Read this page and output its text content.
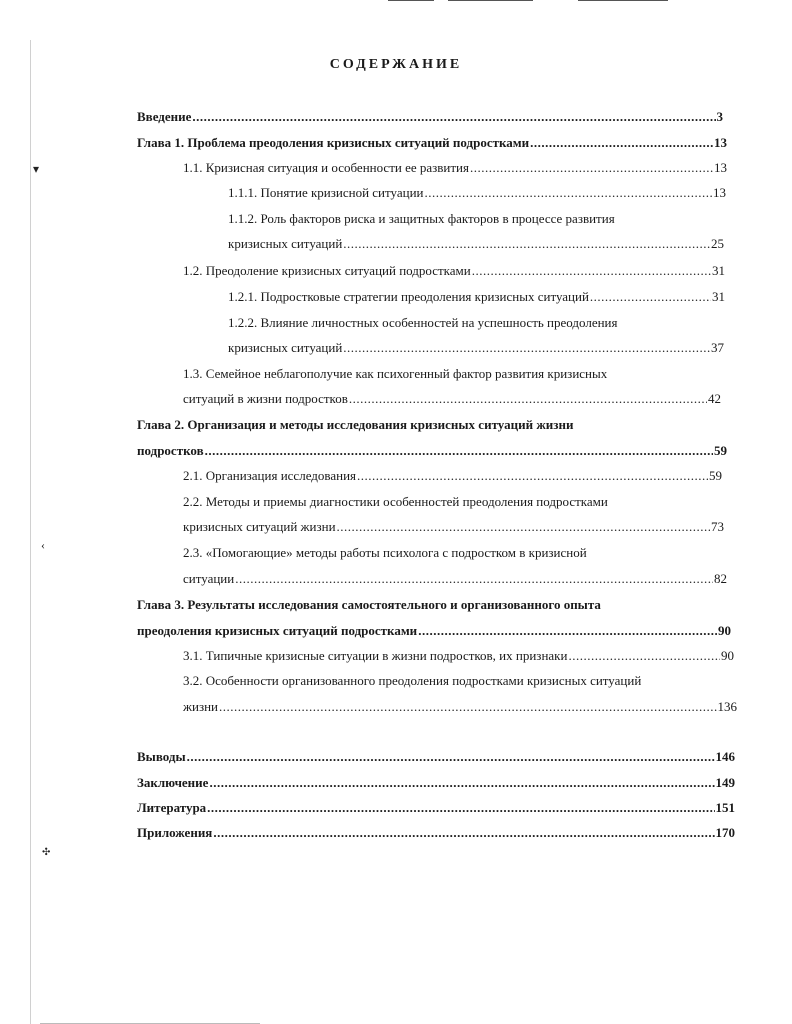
▾
‹
✣
СОДЕРЖАНИЕ
Введение .....	3
Глава 1. Проблема преодоления кризисных ситуаций подростками .....	13
1.1. Кризисная ситуация и особенности ее развития .....	13
1.1.1. Понятие кризисной ситуации .....	13
1.1.2. Роль факторов риска и защитных факторов в процессе развития
кризисных ситуаций .....	25
1.2. Преодоление кризисных ситуаций подростками .....	31
1.2.1. Подростковые стратегии преодоления кризисных ситуаций .....	31
1.2.2. Влияние личностных особенностей на успешность преодоления
кризисных ситуаций .....	37
1.3. Семейное неблагополучие как психогенный фактор развития кризисных
ситуаций в жизни подростков .....	42
Глава 2. Организация и методы исследования кризисных ситуаций жизни
подростков .....	59
2.1. Организация исследования .....	59
2.2. Методы и приемы диагностики особенностей преодоления подростками
кризисных ситуаций жизни .....	73
2.3. «Помогающие» методы работы психолога с подростком в кризисной
ситуации .....	82
Глава 3. Результаты исследования самостоятельного и организованного опыта
преодоления кризисных ситуаций подростками .....	90
3.1. Типичные кризисные ситуации в жизни подростков, их признаки .....	90
3.2. Особенности организованного преодоления подростками кризисных ситуаций
жизни .....	136
Выводы .....	146
Заключение .....	149
Литература .....	151
Приложения .....	170
